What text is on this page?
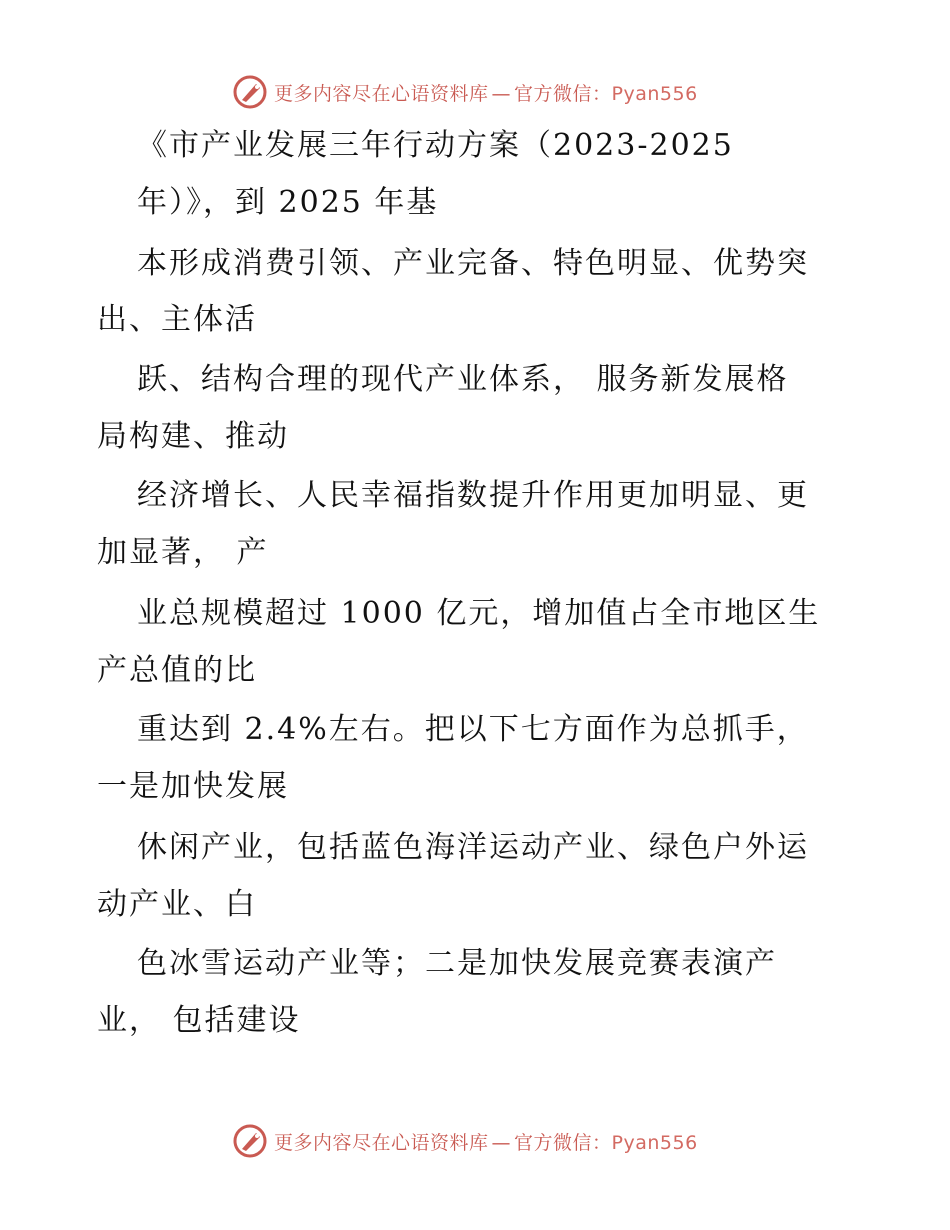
更多内容尽在心语资料库 — 官方微信：Pyan556
《市产业发展三年行动方案（2023-2025
年）》，到 2025 年基
本形成消费引领、产业完备、特色明显、优势突
出、主体活
跃、结构合理的现代产业体系， 服务新发展格
局构建、推动
经济增长、人民幸福指数提升作用更加明显、更
加显著， 产
业总规模超过 1000 亿元，增加值占全市地区生
产总值的比
重达到 2.4%左右。把以下七方面作为总抓手，
一是加快发展
休闲产业，包括蓝色海洋运动产业、绿色户外运
动产业、白
色冰雪运动产业等；二是加快发展竞赛表演产
业， 包括建设
更多内容尽在心语资料库 — 官方微信：Pyan556
